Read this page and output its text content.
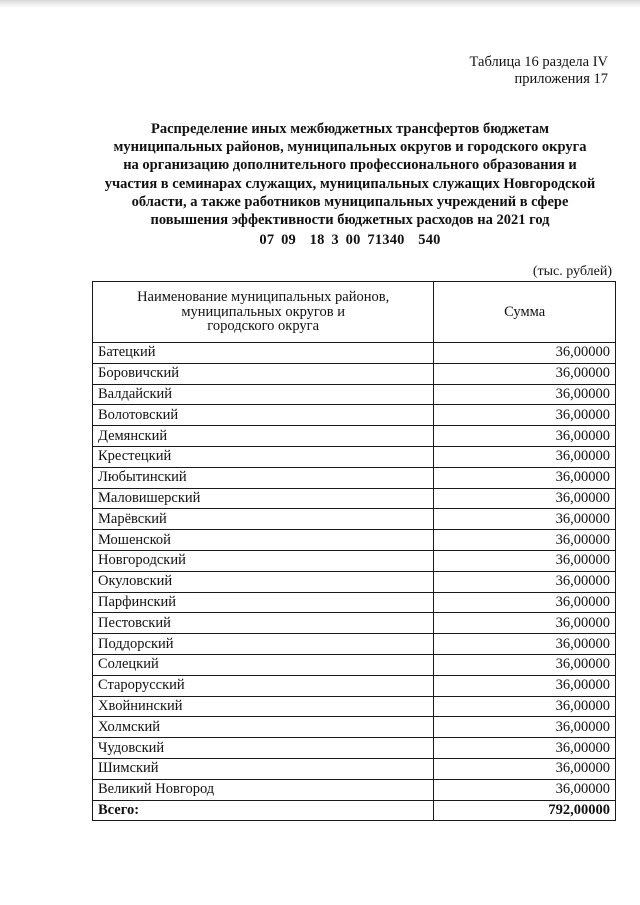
Таблица 16 раздела IV
приложения 17
Распределение иных межбюджетных трансфертов бюджетам
муниципальных районов, муниципальных округов и городского округа
на организацию дополнительного профессионального образования и
участия в семинарах служащих, муниципальных служащих Новгородской
области, а также работников муниципальных учреждений в сфере
повышения эффективности бюджетных расходов на 2021 год
07 09  18 3 00 71340  540
(тыс. рублей)
Наименование муниципальных районов,
муниципальных округов и
городского округа	Сумма
Батецкий	36,00000
Боровичский	36,00000
Валдайский	36,00000
Волотовский	36,00000
Демянский	36,00000
Крестецкий	36,00000
Любытинский	36,00000
Маловишерский	36,00000
Марёвский	36,00000
Мошенской	36,00000
Новгородский	36,00000
Окуловский	36,00000
Парфинский	36,00000
Пестовский	36,00000
Поддорский	36,00000
Солецкий	36,00000
Старорусский	36,00000
Хвойнинский	36,00000
Холмский	36,00000
Чудовский	36,00000
Шимский	36,00000
Великий Новгород	36,00000
Всего:	792,00000
